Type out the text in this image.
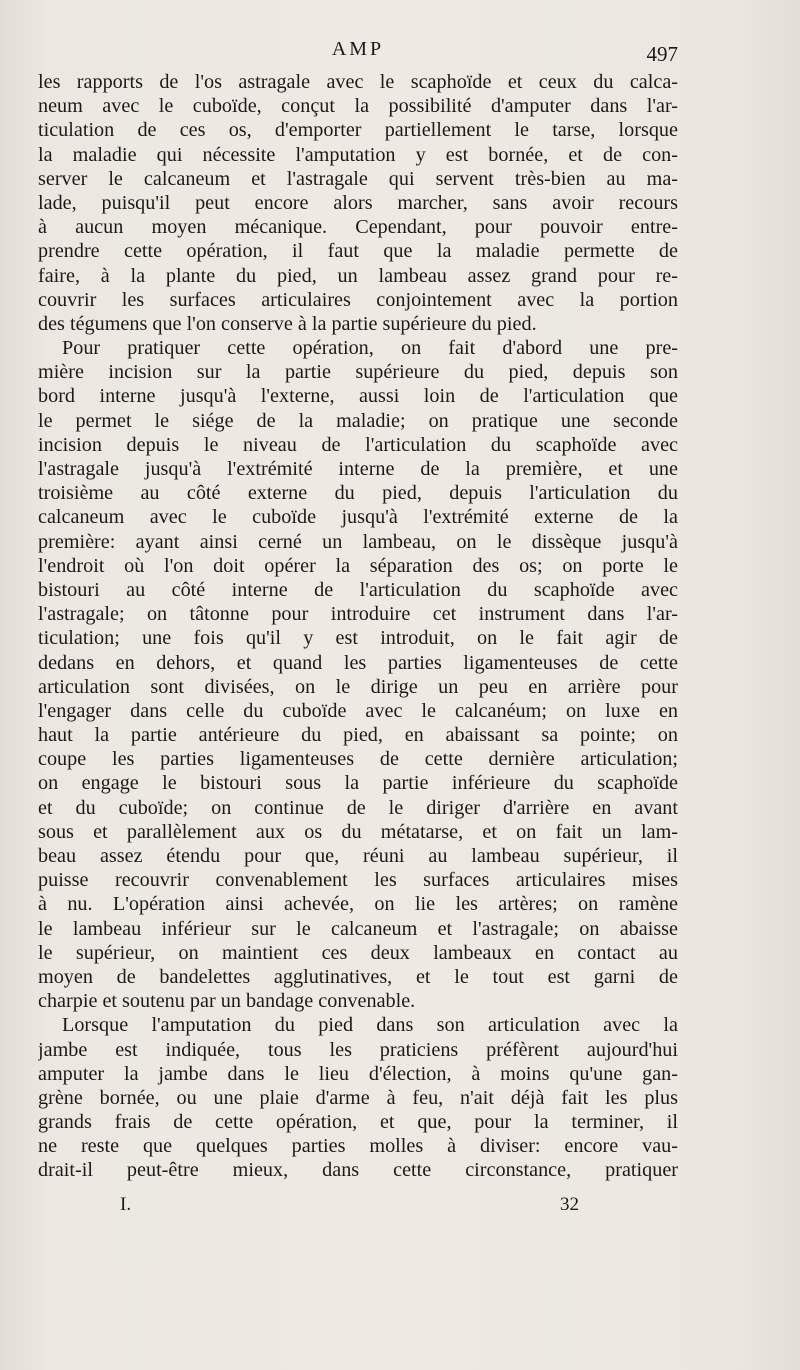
AMP	497
les rapports de l'os astragale avec le scaphoïde et ceux du calca-
neum avec le cuboïde, conçut la possibilité d'amputer dans l'ar-
ticulation de ces os, d'emporter partiellement le tarse, lorsque
la maladie qui nécessite l'amputation y est bornée, et de con-
server le calcaneum et l'astragale qui servent très-bien au ma-
lade, puisqu'il peut encore alors marcher, sans avoir recours
à aucun moyen mécanique. Cependant, pour pouvoir entre-
prendre cette opération, il faut que la maladie permette de
faire, à la plante du pied, un lambeau assez grand pour re-
couvrir les surfaces articulaires conjointement avec la portion
des tégumens que l'on conserve à la partie supérieure du pied.
Pour pratiquer cette opération, on fait d'abord une pre-
mière incision sur la partie supérieure du pied, depuis son
bord interne jusqu'à l'externe, aussi loin de l'articulation que
le permet le siége de la maladie; on pratique une seconde
incision depuis le niveau de l'articulation du scaphoïde avec
l'astragale jusqu'à l'extrémité interne de la première, et une
troisième au côté externe du pied, depuis l'articulation du
calcaneum avec le cuboïde jusqu'à l'extrémité externe de la
première: ayant ainsi cerné un lambeau, on le dissèque jusqu'à
l'endroit où l'on doit opérer la séparation des os; on porte le
bistouri au côté interne de l'articulation du scaphoïde avec
l'astragale; on tâtonne pour introduire cet instrument dans l'ar-
ticulation; une fois qu'il y est introduit, on le fait agir de
dedans en dehors, et quand les parties ligamenteuses de cette
articulation sont divisées, on le dirige un peu en arrière pour
l'engager dans celle du cuboïde avec le calcanéum; on luxe en
haut la partie antérieure du pied, en abaissant sa pointe; on
coupe les parties ligamenteuses de cette dernière articulation;
on engage le bistouri sous la partie inférieure du scaphoïde
et du cuboïde; on continue de le diriger d'arrière en avant
sous et parallèlement aux os du métatarse, et on fait un lam-
beau assez étendu pour que, réuni au lambeau supérieur, il
puisse recouvrir convenablement les surfaces articulaires mises
à nu. L'opération ainsi achevée, on lie les artères; on ramène
le lambeau inférieur sur le calcaneum et l'astragale; on abaisse
le supérieur, on maintient ces deux lambeaux en contact au
moyen de bandelettes agglutinatives, et le tout est garni de
charpie et soutenu par un bandage convenable.
Lorsque l'amputation du pied dans son articulation avec la
jambe est indiquée, tous les praticiens préfèrent aujourd'hui
amputer la jambe dans le lieu d'élection, à moins qu'une gan-
grène bornée, ou une plaie d'arme à feu, n'ait déjà fait les plus
grands frais de cette opération, et que, pour la terminer, il
ne reste que quelques parties molles à diviser: encore vau-
drait-il peut-être mieux, dans cette circonstance, pratiquer
I.	32
